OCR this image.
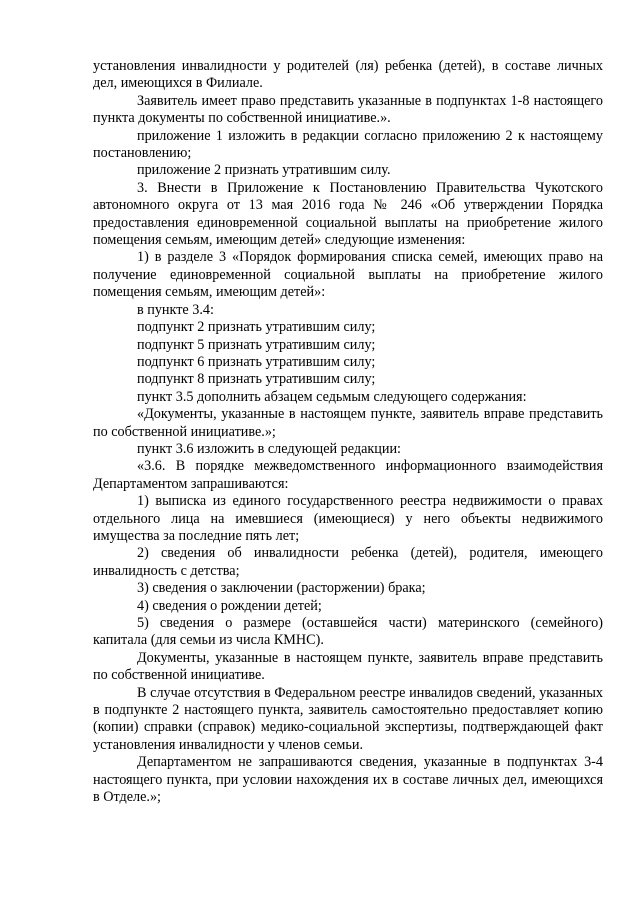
установления инвалидности у родителей (ля) ребенка (детей), в составе личных дел, имеющихся в Филиале.

Заявитель имеет право представить указанные в подпунктах 1-8 настоящего пункта документы по собственной инициативе.».

приложение 1 изложить в редакции согласно приложению 2 к настоящему постановлению;

приложение 2 признать утратившим силу.

3. Внести в Приложение к Постановлению Правительства Чукотского автономного округа от 13 мая 2016 года № 246 «Об утверждении Порядка предоставления единовременной социальной выплаты на приобретение жилого помещения семьям, имеющим детей» следующие изменения:

1) в разделе 3 «Порядок формирования списка семей, имеющих право на получение единовременной социальной выплаты на приобретение жилого помещения семьям, имеющим детей»:

в пункте 3.4:

подпункт 2 признать утратившим силу;

подпункт 5 признать утратившим силу;

подпункт 6 признать утратившим силу;

подпункт 8 признать утратившим силу;

пункт 3.5 дополнить абзацем седьмым следующего содержания:

«Документы, указанные в настоящем пункте, заявитель вправе представить по собственной инициативе.»;

пункт 3.6 изложить в следующей редакции:

«3.6. В порядке межведомственного информационного взаимодействия Департаментом запрашиваются:

1) выписка из единого государственного реестра недвижимости о правах отдельного лица на имевшиеся (имеющиеся) у него объекты недвижимого имущества за последние пять лет;

2) сведения об инвалидности ребенка (детей), родителя, имеющего инвалидность с детства;

3) сведения о заключении (расторжении) брака;

4) сведения о рождении детей;

5) сведения о размере (оставшейся части) материнского (семейного) капитала (для семьи из числа КМНС).

Документы, указанные в настоящем пункте, заявитель вправе представить по собственной инициативе.

В случае отсутствия в Федеральном реестре инвалидов сведений, указанных в подпункте 2 настоящего пункта, заявитель самостоятельно предоставляет копию (копии) справки (справок) медико-социальной экспертизы, подтверждающей факт установления инвалидности у членов семьи.

Департаментом не запрашиваются сведения, указанные в подпунктах 3-4 настоящего пункта, при условии нахождения их в составе личных дел, имеющихся в Отделе.»;
